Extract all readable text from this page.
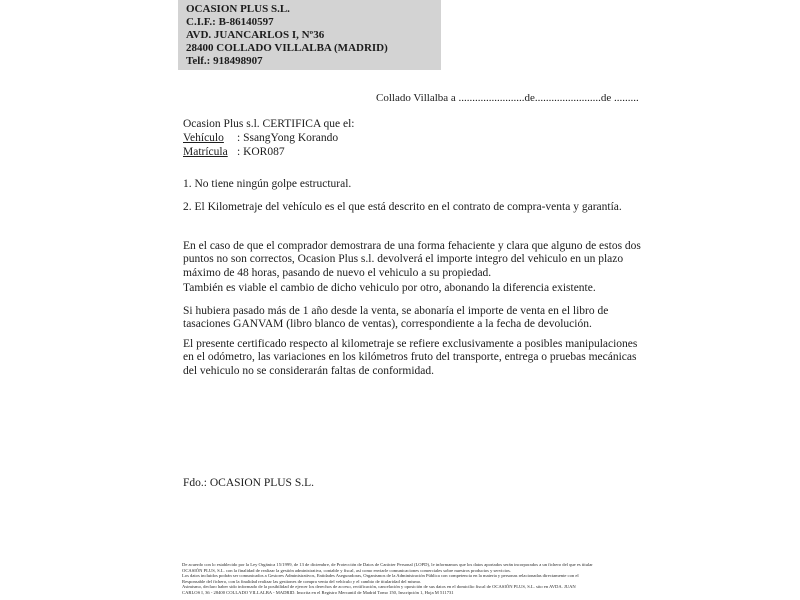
OCASION PLUS S.L.
C.I.F.: B-86140597
AVD. JUANCARLOS I, Nº36
28400 COLLADO VILLALBA (MADRID)
Telf.: 918498907
Collado Villalba a ........................de........................de .........
Ocasion Plus s.l. CERTIFICA que el:
Vehículo : SsangYong Korando
Matrícula : KOR087
1. No tiene ningún golpe estructural.
2. El Kilometraje del vehículo es el que está descrito en el contrato de compra-venta y garantía.
En el caso de que el comprador demostrara de una forma fehaciente y clara que alguno de estos dos puntos no son correctos, Ocasion Plus s.l. devolverá el importe integro del vehiculo en un plazo máximo de 48 horas, pasando de nuevo el vehiculo a su propiedad.
También es viable el cambio de dicho vehiculo por otro, abonando la diferencia existente.
Si hubiera pasado más de 1 año desde la venta, se abonaría el importe de venta en el libro de tasaciones GANVAM (libro blanco de ventas), correspondiente a la fecha de devolución.
El presente certificado respecto al kilometraje se refiere exclusivamente a posibles manipulaciones en el odómetro, las variaciones en los kilómetros fruto del transporte, entrega o pruebas mecánicas del vehiculo no se considerarán faltas de conformidad.
Fdo.: OCASION PLUS S.L.
De acuerdo con lo establecido por la Ley Orgánica 15/1999, de 13 de diciembre, de Protección de Datos de Carácter Personal (LOPD), le informamos que los datos aportados serán incorporados a un fichero del que es titular
OCASIÓN PLUS, S.L. con la finalidad de realizar la gestión administrativa, contable y fiscal, así como enviarle comunicaciones comerciales sobre nuestros productos y servicios.
Los datos incluidos podrán ser comunicados a Gestores Administrativos, Entidades Aseguradoras, Organismos de la Administración Pública con competencia en la materia y personas relacionadas directamente con el
Responsable del fichero, con la finalidad realizar las gestiones de compra venta del vehículo y el cambio de titularidad del mismo.
Asimismo, declaro haber sido informado de la posibilidad de ejercer los derechos de acceso, rectificación, cancelación y oposición de sus datos en el domicilio fiscal de OCASIÓN PLUS, S.L. sito en AVDA. JUAN
CARLOS I, 36 - 28400 COLLADO VILLALBA - MADRID. Inscrita en el Registro Mercantil de Madrid Tomo 150, Inscripción 1, Hoja M 511731
